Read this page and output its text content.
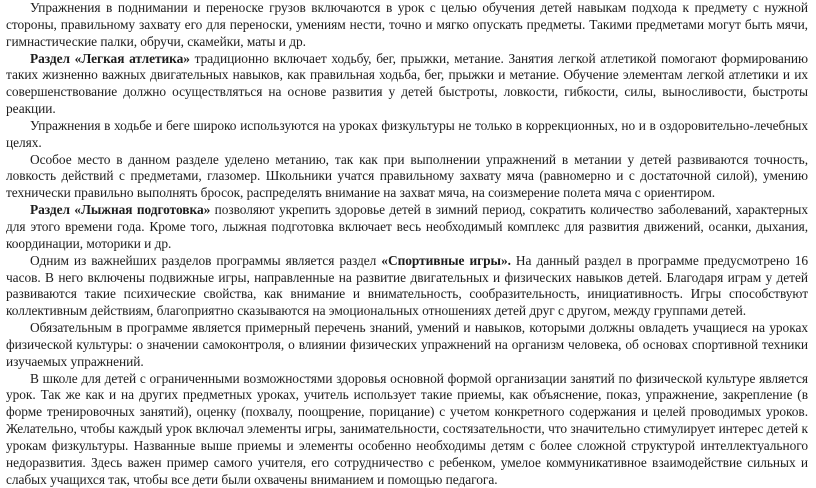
Упражнения в поднимании и переноске грузов включаются в урок с целью обучения детей навыкам подхода к предмету с нужной стороны, правильному захвату его для переноски, умениям нести, точно и мягко опускать предметы. Такими предметами могут быть мячи, гимнастические палки, обручи, скамейки, маты и др.

Раздел «Легкая атлетика» традиционно включает ходьбу, бег, прыжки, метание. Занятия легкой атлетикой помогают формированию таких жизненно важных двигательных навыков, как правильная ходьба, бег, прыжки и метание. Обучение элементам легкой атлетики и их совершенствование должно осуществляться на основе развития у детей быстроты, ловкости, гибкости, силы, выносливости, быстроты реакции.

Упражнения в ходьбе и беге широко используются на уроках физкультуры не только в коррекционных, но и в оздоровительно-лечебных целях.

Особое место в данном разделе уделено метанию, так как при выполнении упражнений в метании у детей развиваются точность, ловкость действий с предметами, глазомер. Школьники учатся правильному захвату мяча (равномерно и с достаточной силой), умению технически правильно выполнять бросок, распределять внимание на захват мяча, на соизмерение полета мяча с ориентиром.

Раздел «Лыжная подготовка» позволяют укрепить здоровье детей в зимний период, сократить количество заболеваний, характерных для этого времени года. Кроме того, лыжная подготовка включает весь необходимый комплекс для развития движений, осанки, дыхания, координации, моторики и др.

Одним из важнейших разделов программы является раздел «Спортивные игры». На данный раздел в программе предусмотрено 16 часов. В него включены подвижные игры, направленные на развитие двигательных и физических навыков детей. Благодаря играм у детей развиваются такие психические свойства, как внимание и внимательность, сообразительность, инициативность. Игры способствуют коллективным действиям, благоприятно сказываются на эмоциональных отношениях детей друг с другом, между группами детей.

Обязательным в программе является примерный перечень знаний, умений и навыков, которыми должны овладеть учащиеся на уроках физической культуры: о значении самоконтроля, о влиянии физических упражнений на организм человека, об основах спортивной техники изучаемых упражнений.

В школе для детей с ограниченными возможностями здоровья основной формой организации занятий по физической культуре является урок. Так же как и на других предметных уроках, учитель использует такие приемы, как объяснение, показ, упражнение, закрепление (в форме тренировочных занятий), оценку (похвалу, поощрение, порицание) с учетом конкретного содержания и целей проводимых уроков. Желательно, чтобы каждый урок включал элементы игры, занимательности, состязательности, что значительно стимулирует интерес детей к урокам физкультуры. Названные выше приемы и элементы особенно необходимы детям с более сложной структурой интеллектуального недоразвития. Здесь важен пример самого учителя, его сотрудничество с ребенком, умелое коммуникативное взаимодействие сильных и слабых учащихся так, чтобы все дети были охвачены вниманием и помощью педагога.
